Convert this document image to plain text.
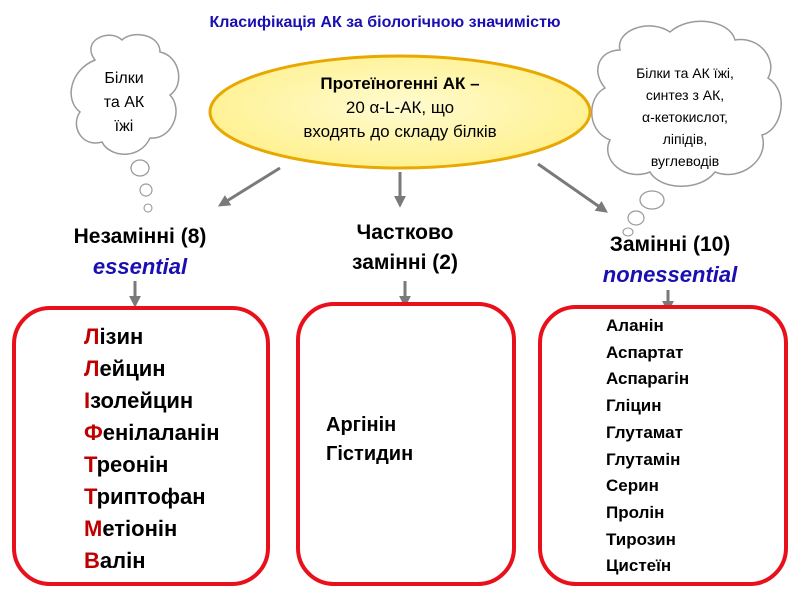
Класифікація АК за біологічною значимістю
Протеїногенні АК –
20 α-L-АК, що
входять до складу білків
Білки
та АК
їжі
Білки та АК їжі,
синтез з АК,
α-кетокислот,
ліпідів,
вуглеводів
Незамінні (8)
essential
Частково
замінні (2)
Замінні (10)
nonessential
Лізин
Лейцин
Ізолейцин
Фенілаланін
Треонін
Триптофан
Метіонін
Валін
Аргінін
Гістидин
Аланін
Аспартат
Аспарагін
Гліцин
Глутамат
Глутамін
Серин
Пролін
Тирозин
Цистеїн
